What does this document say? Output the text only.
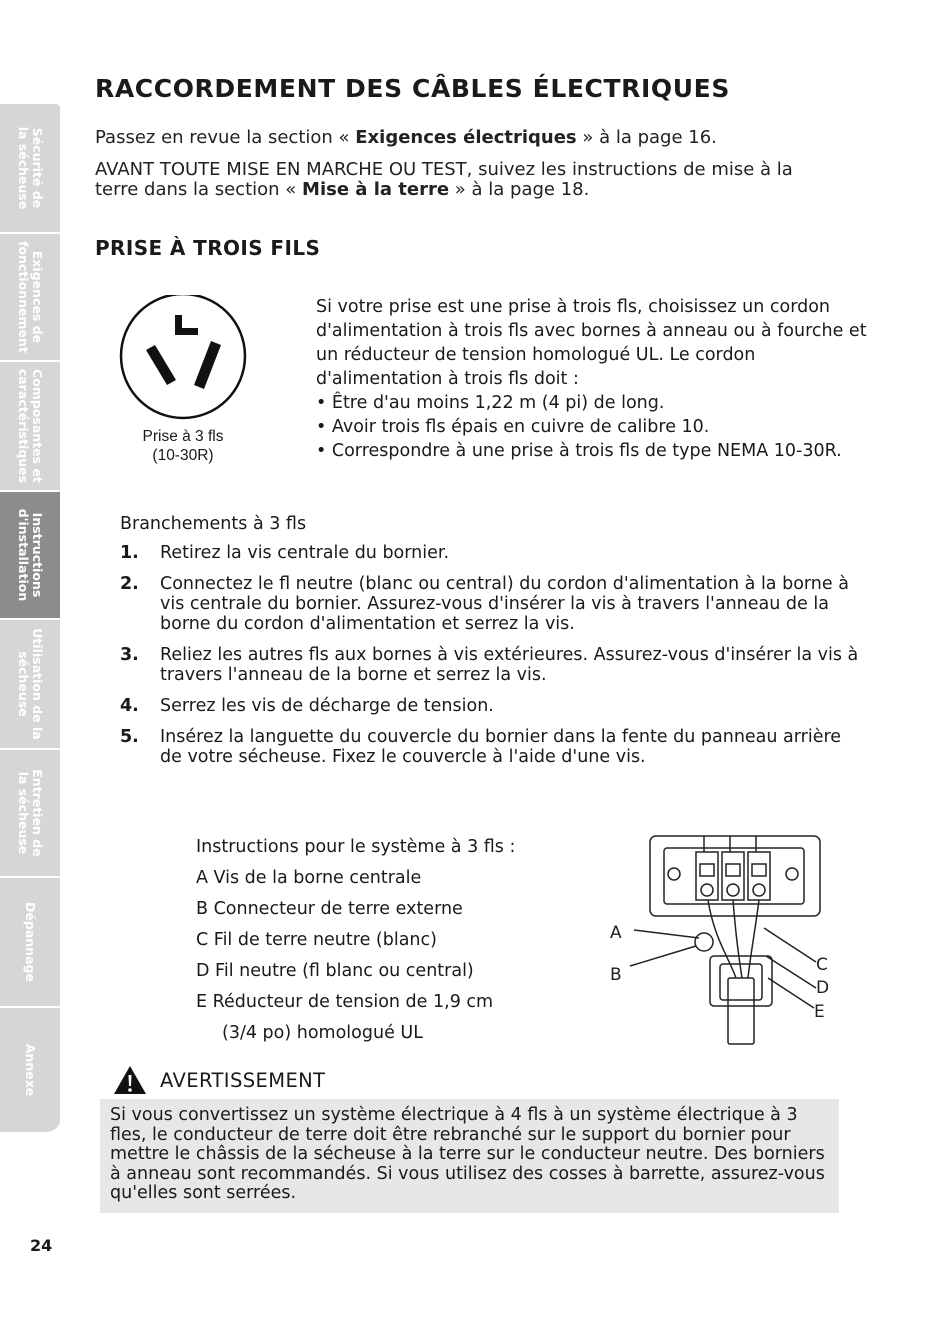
Sécurité de
la sécheuse
Exigences de
fonctionnement
Composantes et
caractéristiques
Instructions
d'installation
Utilisation de la
sécheuse
Entretien de
la sécheuse
Dépannage
Annexe
RACCORDEMENT DES CÂBLES ÉLECTRIQUES

Passez en revue la section « Exigences électriques » à la page 16.

AVANT TOUTE MISE EN MARCHE OU TEST, suivez les instructions de mise à la terre dans la section « Mise à la terre » à la page 18.

PRISE À TROIS FILS
Prise à 3 fls
(10-30R)
Si votre prise est une prise à trois fls, choisissez un cordon d'alimentation à trois fls avec bornes à anneau ou à fourche et un réducteur de tension homologué UL. Le cordon d'alimentation à trois fls doit :
• Être d'au moins 1,22 m (4 pi) de long.
• Avoir trois fls épais en cuivre de calibre 10.
• Correspondre à une prise à trois fls de type NEMA 10-30R.
Branchements à 3 fls
1.	Retirez la vis centrale du bornier.
2.	Connectez le fl neutre (blanc ou central) du cordon d'alimentation à la borne à vis centrale du bornier. Assurez-vous d'insérer la vis à travers l'anneau de la borne du cordon d'alimentation et serrez la vis.
3.	Reliez les autres fls aux bornes à vis extérieures. Assurez-vous d'insérer la vis à travers l'anneau de la borne et serrez la vis.
4.	Serrez les vis de décharge de tension.
5.	Insérez la languette du couvercle du bornier dans la fente du panneau arrière de votre sécheuse. Fixez le couvercle à l'aide d'une vis.
Instructions pour le système à 3 fls :
A Vis de la borne centrale
B Connecteur de terre externe
C Fil de terre neutre (blanc)
D Fil neutre (fl blanc ou central)
E Réducteur de tension de 1,9 cm
(3/4 po) homologué UL
A
B	C
D
E
AVERTISSEMENT

Si vous convertissez un système électrique à 4 fls à un système électrique à 3 fles, le conducteur de terre doit être rebranché sur le support du bornier pour mettre le châssis de la sécheuse à la terre sur le conducteur neutre. Des borniers à anneau sont recommandés. Si vous utilisez des cosses à barrette, assurez-vous qu'elles sont serrées.

24
